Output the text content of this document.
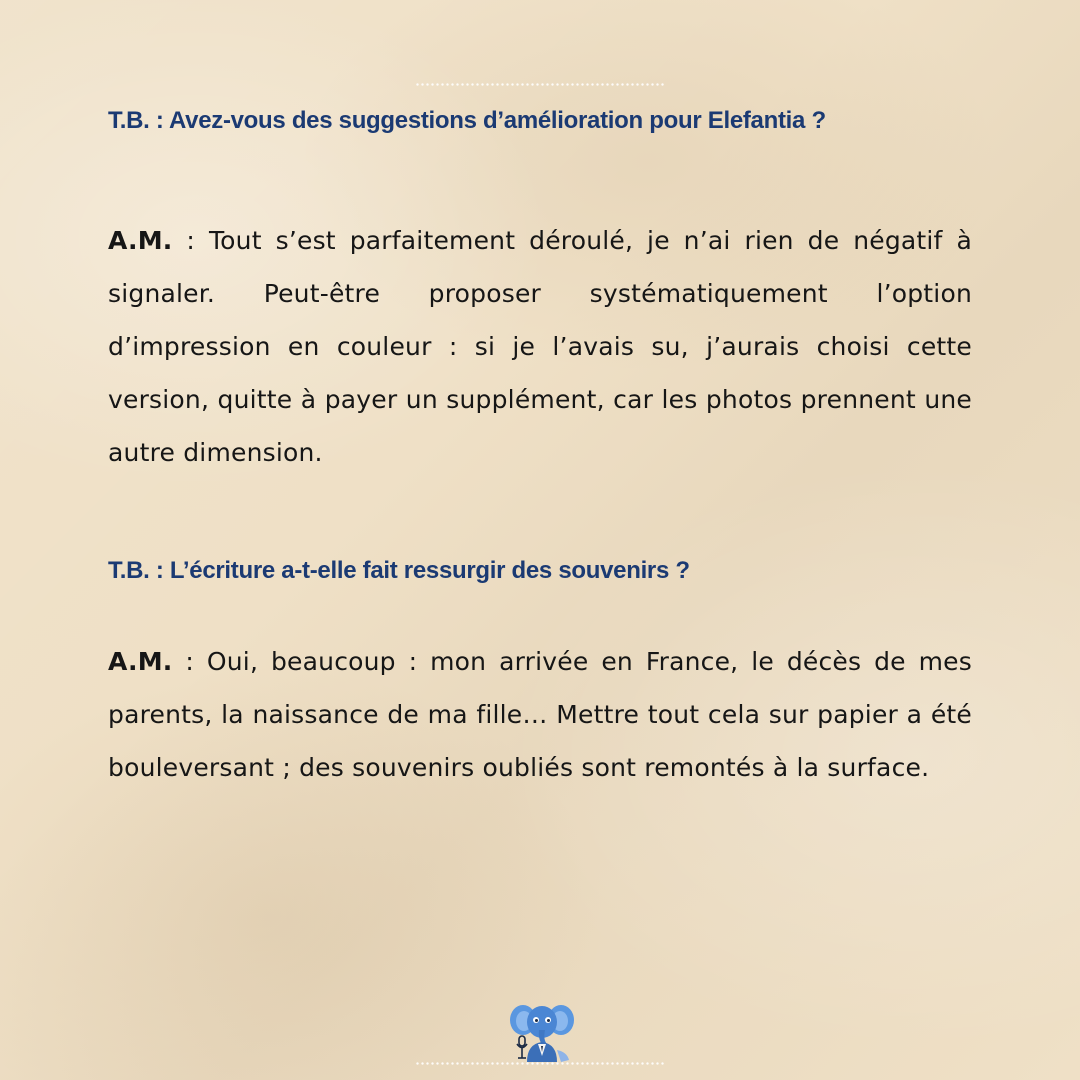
T.B. : Avez-vous des suggestions d’amélioration pour Elefantia ?

A.M. : Tout s’est parfaitement déroulé, je n’ai rien de négatif à signaler. Peut-être proposer systématiquement l’option d’impression en couleur : si je l’avais su, j’aurais choisi cette version, quitte à payer un supplément, car les photos prennent une autre dimension.

T.B. : L’écriture a-t-elle fait ressurgir des souvenirs ?

A.M. : Oui, beaucoup : mon arrivée en France, le décès de mes parents, la naissance de ma fille… Mettre tout cela sur papier a été bouleversant ; des souvenirs oubliés sont remontés à la surface.
